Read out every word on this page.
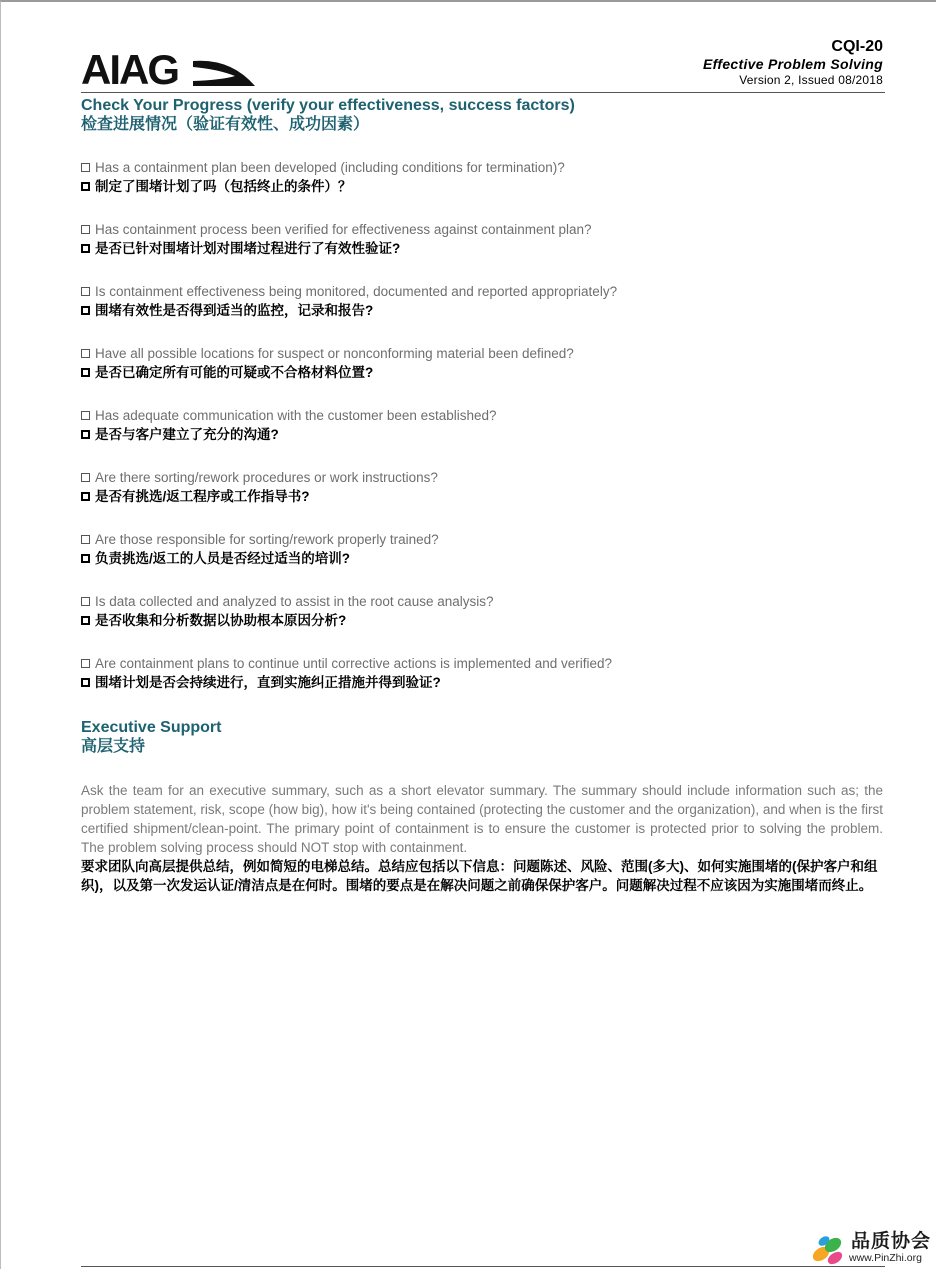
AIAG	CQI-20
Effective Problem Solving
Version 2, Issued 08/2018
Check Your Progress (verify your effectiveness, success factors)
检查进展情况（验证有效性、成功因素）
Has a containment plan been developed (including conditions for termination)?
制定了围堵计划了吗（包括终止的条件）？
Has containment process been verified for effectiveness against containment plan?
是否已针对围堵计划对围堵过程进行了有效性验证?
Is containment effectiveness being monitored, documented and reported appropriately?
围堵有效性是否得到适当的监控，记录和报告?
Have all possible locations for suspect or nonconforming material been defined?
是否已确定所有可能的可疑或不合格材料位置?
Has adequate communication with the customer been established?
是否与客户建立了充分的沟通?
Are there sorting/rework procedures or work instructions?
是否有挑选/返工程序或工作指导书?
Are those responsible for sorting/rework properly trained?
负责挑选/返工的人员是否经过适当的培训?
Is data collected and analyzed to assist in the root cause analysis?
是否收集和分析数据以协助根本原因分析?
Are containment plans to continue until corrective actions is implemented and verified?
围堵计划是否会持续进行，直到实施纠正措施并得到验证?
Executive Support
高层支持
Ask the team for an executive summary, such as a short elevator summary. The summary should include information such as; the problem statement, risk, scope (how big), how it's being contained (protecting the customer and the organization), and when is the first certified shipment/clean-point. The primary point of containment is to ensure the customer is protected prior to solving the problem. The problem solving process should NOT stop with containment.
要求团队向高层提供总结，例如简短的电梯总结。总结应包括以下信息：问题陈述、风险、范围(多大)、如何实施围堵的(保护客户和组织)，以及第一次发运认证/清洁点是在何时。围堵的要点是在解决问题之前确保保护客户。问题解决过程不应该因为实施围堵而终止。
品质协会
www.PinZhi.org
